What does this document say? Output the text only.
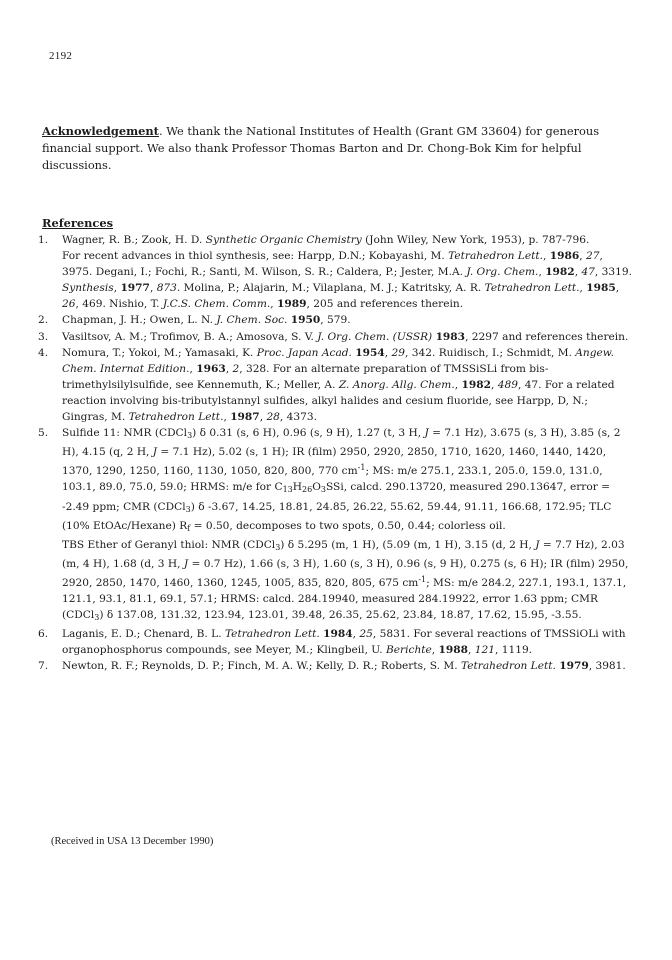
2192
Acknowledgement. We thank the National Institutes of Health (Grant GM 33604) for generous financial support. We also thank Professor Thomas Barton and Dr. Chong-Bok Kim for helpful discussions.
References
1 .	Wagner, R. B.; Zook, H. D. Synthetic Organic Chemistry (John Wiley, New York, 1953), p. 787-796.

For recent advances in thiol synthesis, see: Harpp, D.N.; Kobayashi, M. Tetrahedron Lett., 1986, 27, 3975. Degani, I.; Fochi, R.; Santi, M. Wilson, S. R.; Caldera, P.; Jester, M.A. J. Org. Chem., 1982, 47, 3319. Synthesis, 1977, 873. Molina, P.; Alajarin, M.; Vilaplana, M. J.; Katritsky, A. R. Tetrahedron Lett., 1985, 26, 469. Nishio, T. J.C.S. Chem. Comm., 1989, 205 and references therein.

2 .	Chapman, J. H.; Owen, L. N. J. Chem. Soc. 1950, 579.

3 .	Vasiltsov, A. M.; Trofimov, B. A.; Amosova, S. V. J. Org. Chem. (USSR) 1983, 2297 and references therein.

4 .	Nomura, T.; Yokoi, M.; Yamasaki, K. Proc. Japan Acad. 1954, 29, 342. Ruidisch, I.; Schmidt, M. Angew. Chem. Internat Edition., 1963, 2, 328. For an alternate preparation of TMSSiSLi from bis-trimethylsilylsulfide, see Kennemuth, K.; Meller, A. Z. Anorg. Allg. Chem., 1982, 489, 47. For a related reaction involving bis-tributylstannyl sulfides, alkyl halides and cesium fluoride, see Harpp, D, N.; Gingras, M. Tetrahedron Lett., 1987, 28, 4373.

5 .	Sulfide 11: NMR (CDCl$_3$) δ 0.31 (s, 6 H), 0.96 (s, 9 H), 1.27 (t, 3 H, J = 7.1 Hz), 3.675 (s, 3 H), 3.85 (s, 2 H), 4.15 (q, 2 H, J = 7.1 Hz), 5.02 (s, 1 H); IR (film) 2950, 2920, 2850, 1710, 1620, 1460, 1440, 1420, 1370, 1290, 1250, 1160, 1130, 1050, 820, 800, 770 $cm^{-1}$; MS: m/e 275.1, 233.1, 205.0, 159.0, 131.0, 103.1, 89.0, 75.0, 59.0; HRMS: m/e for $C_{13}H_{26}O_3SSi$, calcd. 290.13720, measured 290.13647, error = -2.49 ppm; CMR (CDCl$_3$) δ -3.67, 14.25, 18.81, 24.85, 26.22, 55.62, 59.44, 91.11, 166.68, 172.95; TLC (10% EtOAc/Hexane) $R_f = 0.50$, decomposes to two spots, 0.50, 0.44; colorless oil.

TBS Ether of Geranyl thiol: NMR (CDCl$_3$) δ 5.295 (m, 1 H), (5.09 (m, 1 H), 3.15 (d, 2 H, J = 7.7 Hz), 2.03 (m, 4 H), 1.68 (d, 3 H, J = 0.7 Hz), 1.66 (s, 3 H), 1.60 (s, 3 H), 0.96 (s, 9 H), 0.275 (s, 6 H); IR (film) 2950, 2920, 2850, 1470, 1460, 1360, 1245, 1005, 835, 820, 805, 675 $cm^{-1}$; MS: m/e 284.2, 227.1, 193.1, 137.1, 121.1, 93.1, 81.1, 69.1, 57.1; HRMS: calcd. 284.19940, measured 284.19922, error 1.63 ppm; CMR (CDCl$_3$) δ 137.08, 131.32, 123.94, 123.01, 39.48, 26.35, 25.62, 23.84, 18.87, 17.62, 15.95, -3.55.

6 .	Laganis, E. D.; Chenard, B. L. Tetrahedron Lett. 1984, 25, 5831. For several reactions of TMSSiOLi with organophosphorus compounds, see Meyer, M.; Klingbeil, U. Berichte, 1988, 121, 1119.

7 .	Newton, R. F.; Reynolds, D. P.; Finch, M. A. W.; Kelly, D. R.; Roberts, S. M. Tetrahedron Lett. 1979, 3981.

(Received in USA 13 December 1990)
